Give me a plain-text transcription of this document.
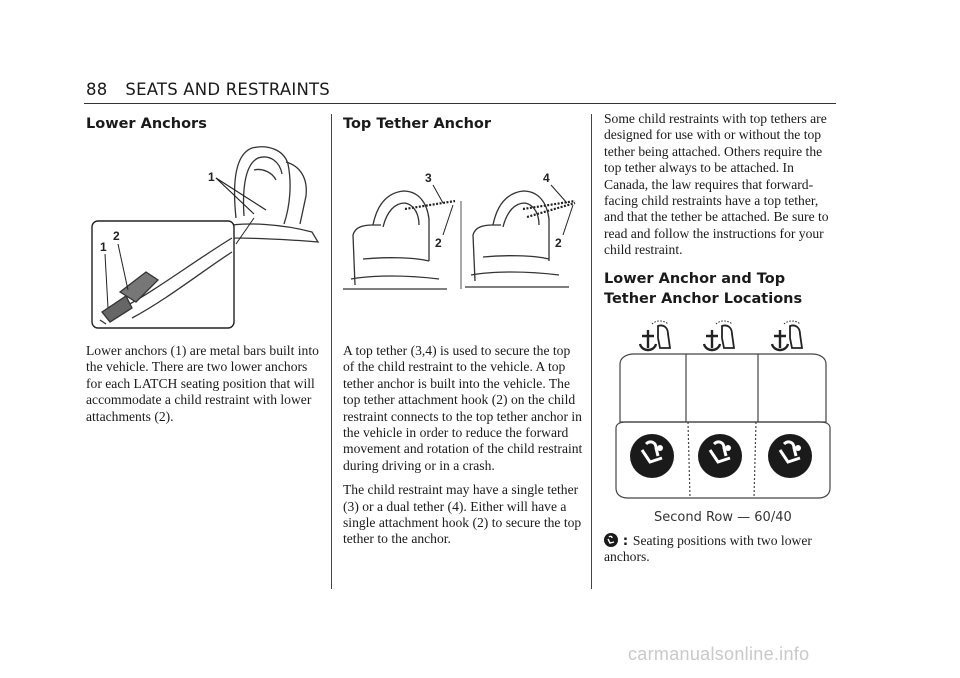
88 SEATS AND RESTRAINTS
Lower Anchors
1
2
1

Lower anchors (1) are metal bars built into the vehicle. There are two lower anchors for each LATCH seating position that will accommodate a child restraint with lower attachments (2).

Top Tether Anchor
3
2
4
2

A top tether (3,4) is used to secure the top of the child restraint to the vehicle. A top tether anchor is built into the vehicle. The top tether attachment hook (2) on the child restraint connects to the top tether anchor in the vehicle in order to reduce the forward movement and rotation of the child restraint during driving or in a crash.

The child restraint may have a single tether (3) or a dual tether (4). Either will have a single attachment hook (2) to secure the top tether to the anchor.

Some child restraints with top tethers are designed for use with or without the top tether being attached. Others require the top tether always to be attached. In Canada, the law requires that forward-facing child restraints have a top tether, and that the tether be attached. Be sure to read and follow the instructions for your child restraint.

Lower Anchor and Top Tether Anchor Locations
Second Row — 60/40
: Seating positions with two lower anchors.
carmanualsonline.info
